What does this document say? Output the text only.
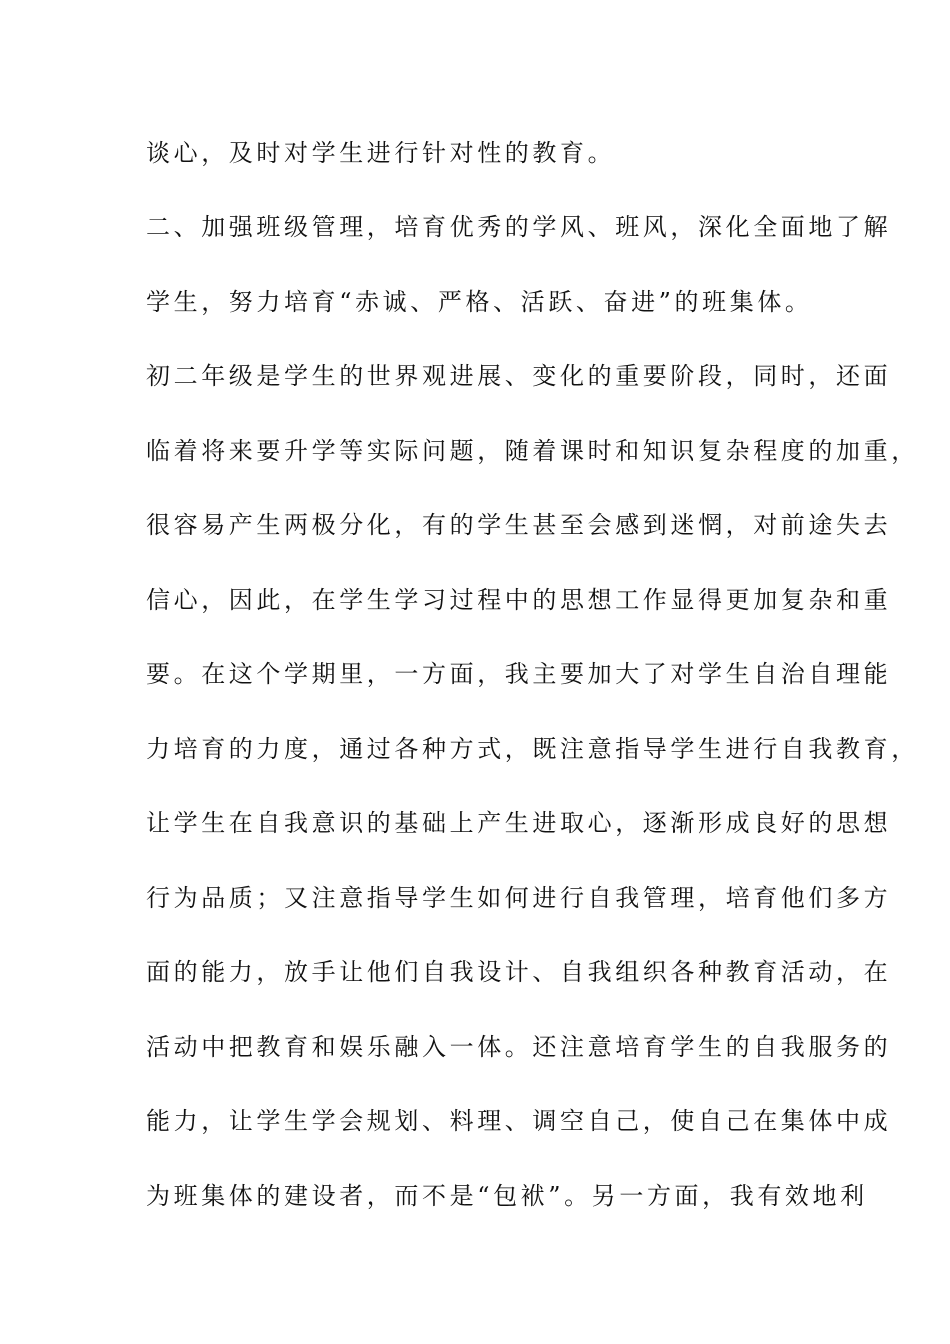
谈心，及时对学生进行针对性的教育。
二、加强班级管理，培育优秀的学风、班风，深化全面地了解
学生，努力培育“赤诚、严格、活跃、奋进”的班集体。
初二年级是学生的世界观进展、变化的重要阶段，同时，还面
临着将来要升学等实际问题，随着课时和知识复杂程度的加重，
很容易产生两极分化，有的学生甚至会感到迷惘，对前途失去
信心，因此，在学生学习过程中的思想工作显得更加复杂和重
要。在这个学期里，一方面，我主要加大了对学生自治自理能
力培育的力度，通过各种方式，既注意指导学生进行自我教育，
让学生在自我意识的基础上产生进取心，逐渐形成良好的思想
行为品质；又注意指导学生如何进行自我管理，培育他们多方
面的能力，放手让他们自我设计、自我组织各种教育活动，在
活动中把教育和娱乐融入一体。还注意培育学生的自我服务的
能力，让学生学会规划、料理、调空自己，使自己在集体中成
为班集体的建设者，而不是“包袱”。另一方面，我有效地利
